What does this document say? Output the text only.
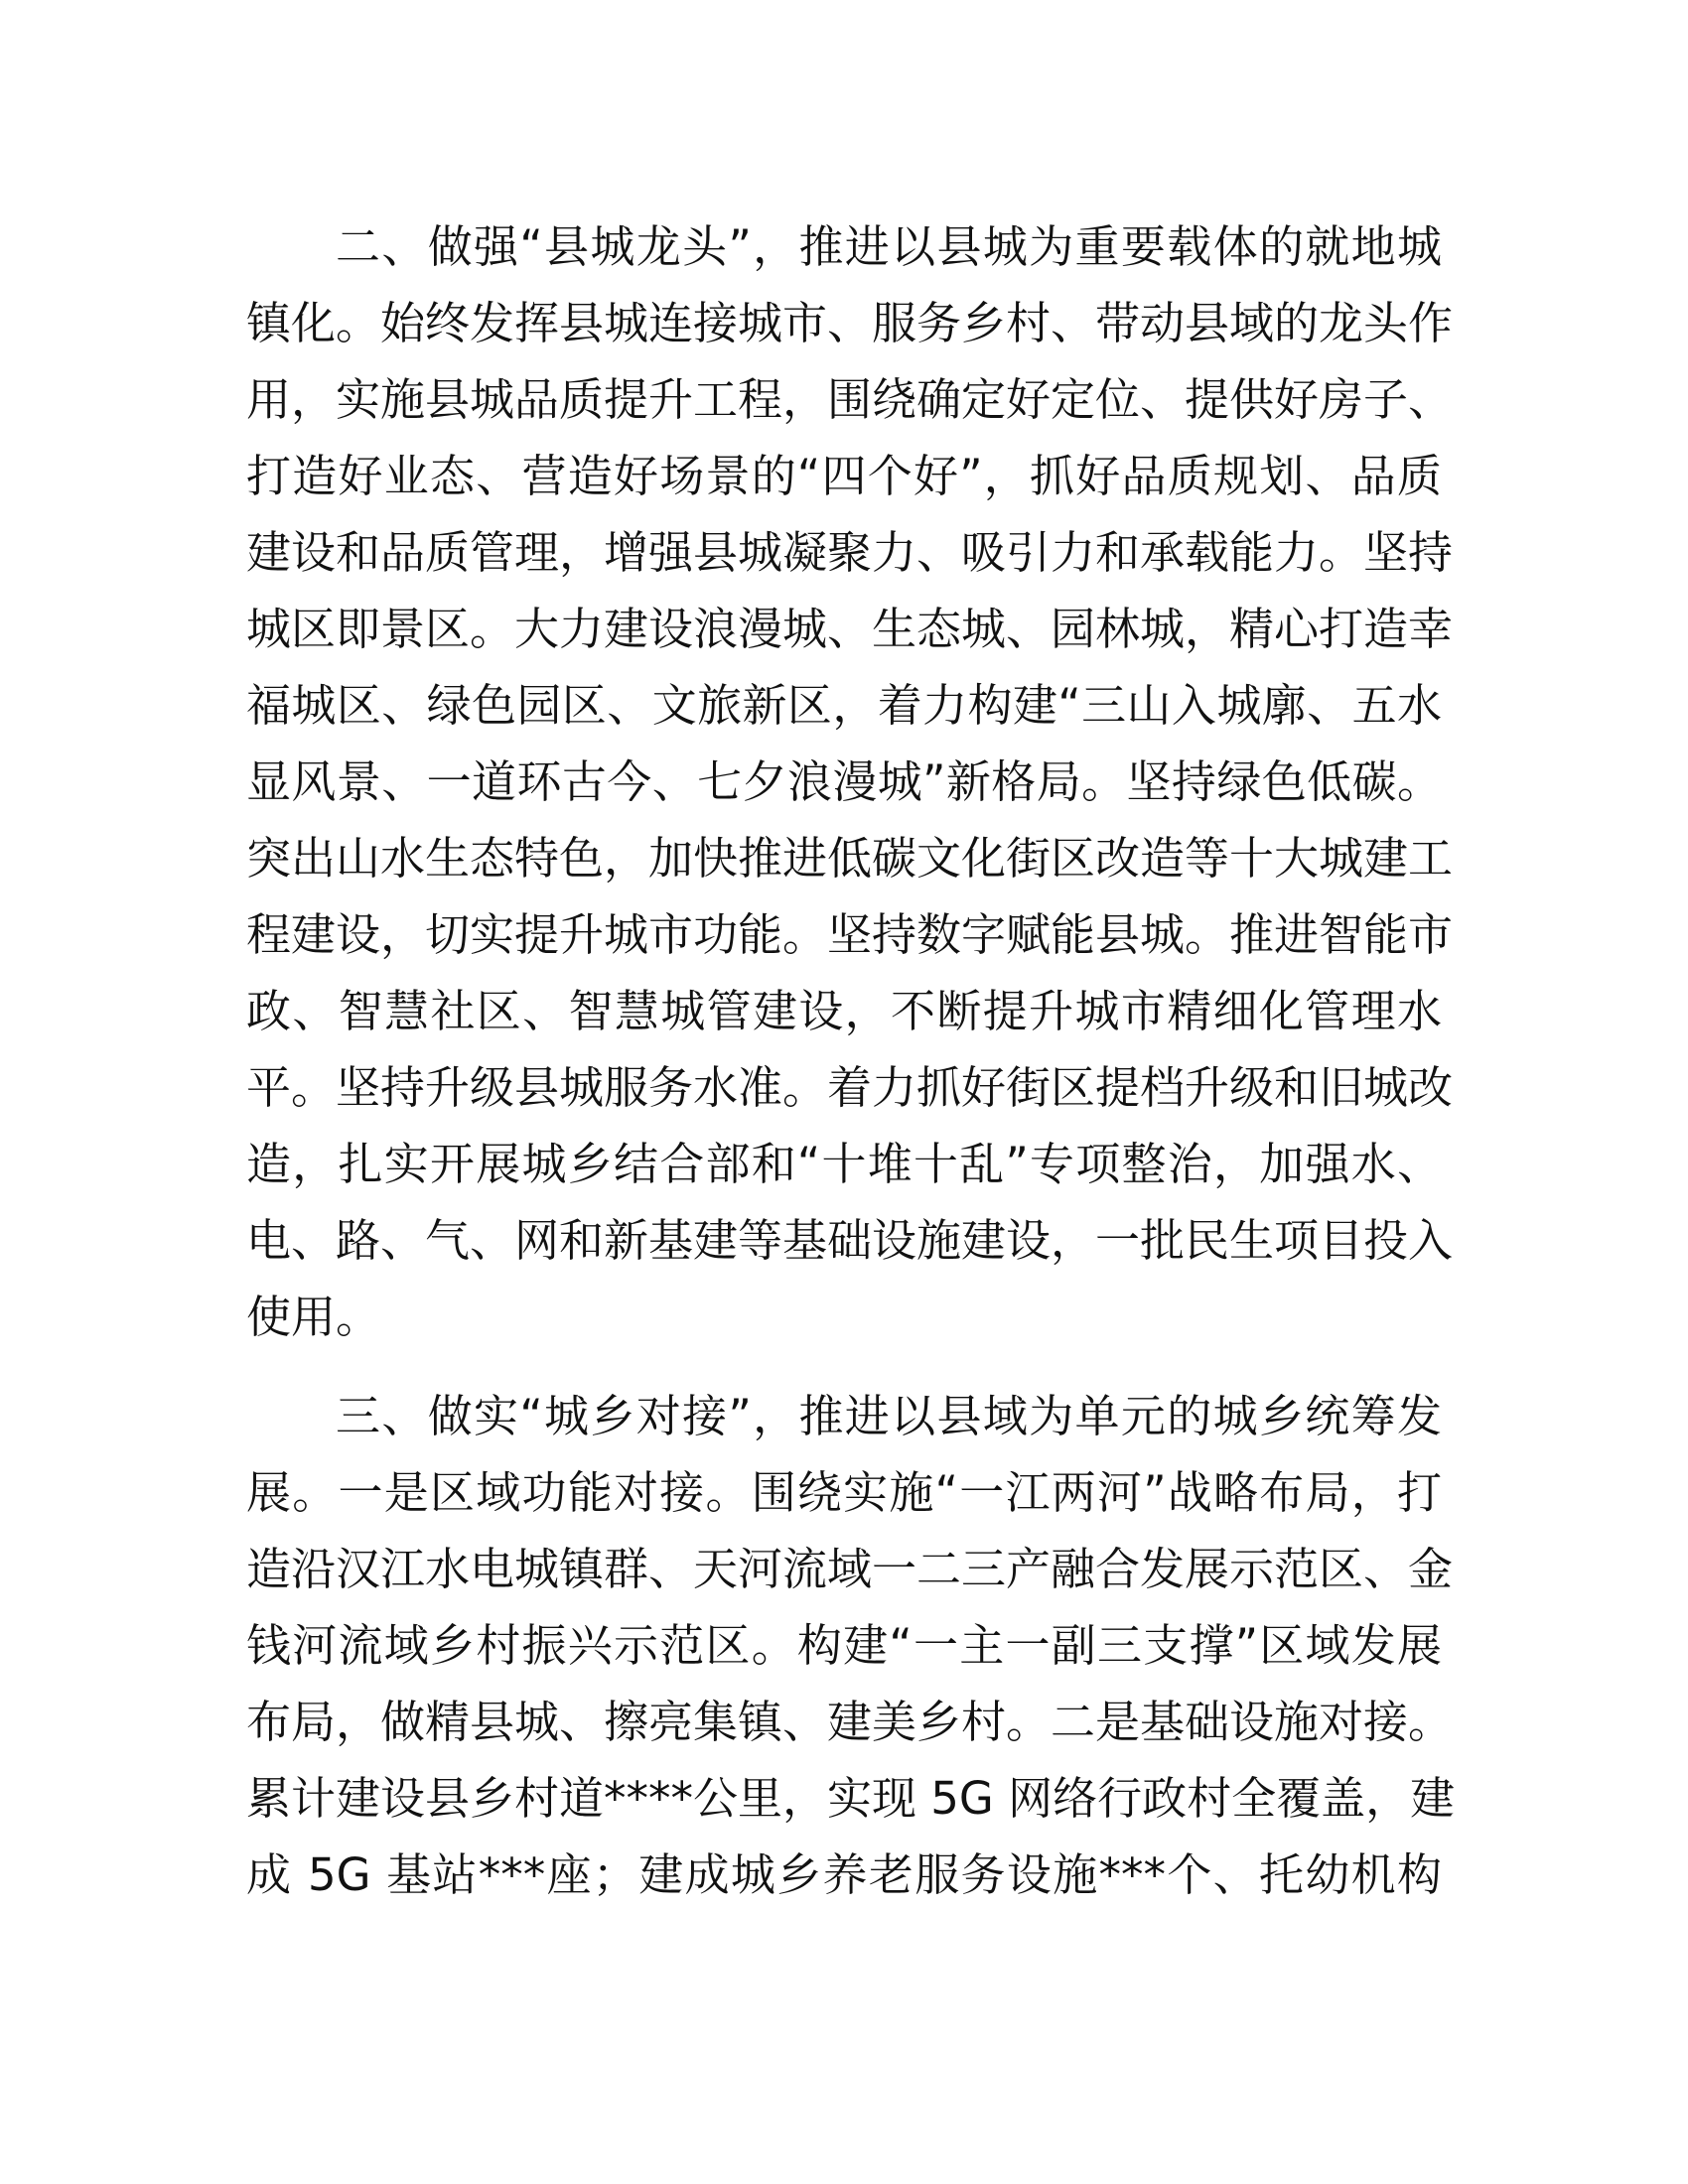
二、做强“县城龙头”，推进以县城为重要载体的就地城
镇化。始终发挥县城连接城市、服务乡村、带动县域的龙头作
用，实施县城品质提升工程，围绕确定好定位、提供好房子、
打造好业态、营造好场景的“四个好”，抓好品质规划、品质
建设和品质管理，增强县城凝聚力、吸引力和承载能力。坚持
城区即景区。大力建设浪漫城、生态城、园林城，精心打造幸
福城区、绿色园区、文旅新区，着力构建“三山入城廓、五水
显风景、一道环古今、七夕浪漫城”新格局。坚持绿色低碳。
突出山水生态特色，加快推进低碳文化街区改造等十大城建工
程建设，切实提升城市功能。坚持数字赋能县城。推进智能市
政、智慧社区、智慧城管建设，不断提升城市精细化管理水
平。坚持升级县城服务水准。着力抓好街区提档升级和旧城改
造，扎实开展城乡结合部和“十堆十乱”专项整治，加强水、
电、路、气、网和新基建等基础设施建设，一批民生项目投入
使用。
三、做实“城乡对接”，推进以县域为单元的城乡统筹发
展。一是区域功能对接。围绕实施“一江两河”战略布局，打
造沿汉江水电城镇群、天河流域一二三产融合发展示范区、金
钱河流域乡村振兴示范区。构建“一主一副三支撑”区域发展
布局，做精县城、擦亮集镇、建美乡村。二是基础设施对接。
累计建设县乡村道****公里，实现 5G 网络行政村全覆盖，建
成 5G 基站***座；建成城乡养老服务设施***个、托幼机构
